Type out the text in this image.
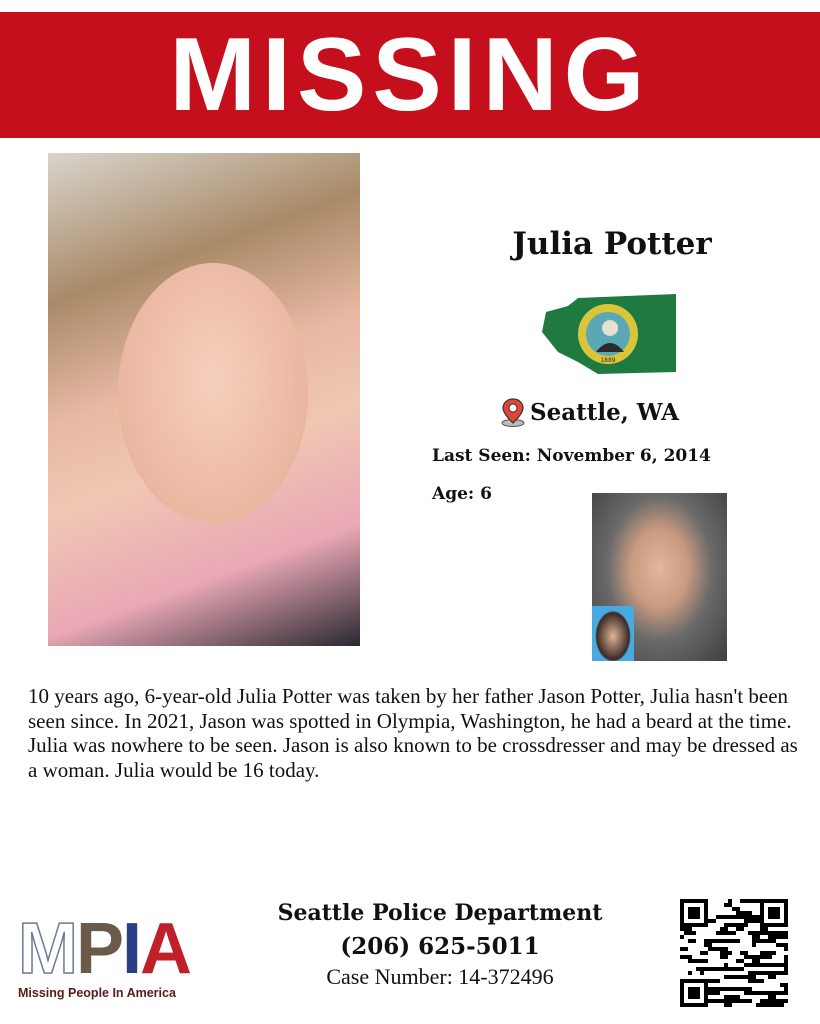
MISSING
Julia Potter
1889
Seattle, WA
Last Seen: November 6, 2014
Age: 6
10 years ago, 6-year-old Julia Potter was taken by her father Jason Potter, Julia hasn't been seen since. In 2021, Jason was spotted in Olympia, Washington, he had a beard at the time. Julia was nowhere to be seen. Jason is also known to be crossdresser and may be dressed as a woman. Julia would be 16 today.
MPIA
Missing People In America
Seattle Police Department
(206) 625-5011
Case Number: 14-372496
